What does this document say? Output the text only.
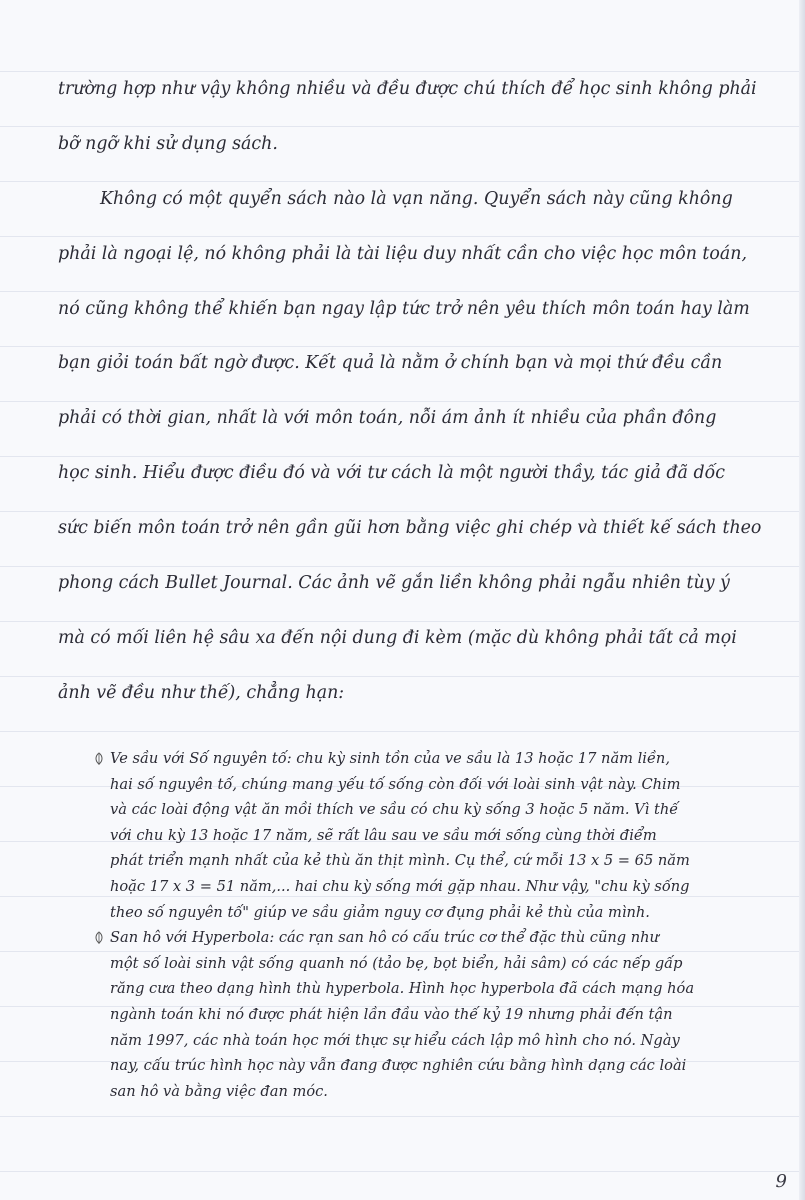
trường hợp như vậy không nhiều và đều được chú thích để học sinh không phải
bỡ ngỡ khi sử dụng sách.
Không có một quyển sách nào là vạn năng. Quyển sách này cũng không
phải là ngoại lệ, nó không phải là tài liệu duy nhất cần cho việc học môn toán,
nó cũng không thể khiến bạn ngay lập tức trở nên yêu thích môn toán hay làm
bạn giỏi toán bất ngờ được. Kết quả là nằm ở chính bạn và mọi thứ đều cần
phải có thời gian, nhất là với môn toán, nỗi ám ảnh ít nhiều của phần đông
học sinh. Hiểu được điều đó và với tư cách là một người thầy, tác giả đã dốc
sức biến môn toán trở nên gần gũi hơn bằng việc ghi chép và thiết kế sách theo
phong cách Bullet Journal. Các ảnh vẽ gắn liền không phải ngẫu nhiên tùy ý
mà có mối liên hệ sâu xa đến nội dung đi kèm (mặc dù không phải tất cả mọi
ảnh vẽ đều như thế), chẳng hạn:
Ve sầu với Số nguyên tố: chu kỳ sinh tồn của ve sầu là 13 hoặc 17 năm liền,
hai số nguyên tố, chúng mang yếu tố sống còn đối với loài sinh vật này. Chim
và các loài động vật ăn mồi thích ve sầu có chu kỳ sống 3 hoặc 5 năm. Vì thế
với chu kỳ 13 hoặc 17 năm, sẽ rất lâu sau ve sầu mới sống cùng thời điểm
phát triển mạnh nhất của kẻ thù ăn thịt mình. Cụ thể, cứ mỗi 13 x 5 = 65 năm
hoặc 17 x 3 = 51 năm,... hai chu kỳ sống mới gặp nhau. Như vậy, "chu kỳ sống
theo số nguyên tố" giúp ve sầu giảm nguy cơ đụng phải kẻ thù của mình.
San hô với Hyperbola: các rạn san hô có cấu trúc cơ thể đặc thù cũng như
một số loài sinh vật sống quanh nó (tảo bẹ, bọt biển, hải sâm) có các nếp gấp
răng cưa theo dạng hình thù hyperbola. Hình học hyperbola đã cách mạng hóa
ngành toán khi nó được phát hiện lần đầu vào thế kỷ 19 nhưng phải đến tận
năm 1997, các nhà toán học mới thực sự hiểu cách lập mô hình cho nó. Ngày
nay, cấu trúc hình học này vẫn đang được nghiên cứu bằng hình dạng các loài
san hô và bằng việc đan móc.
9
